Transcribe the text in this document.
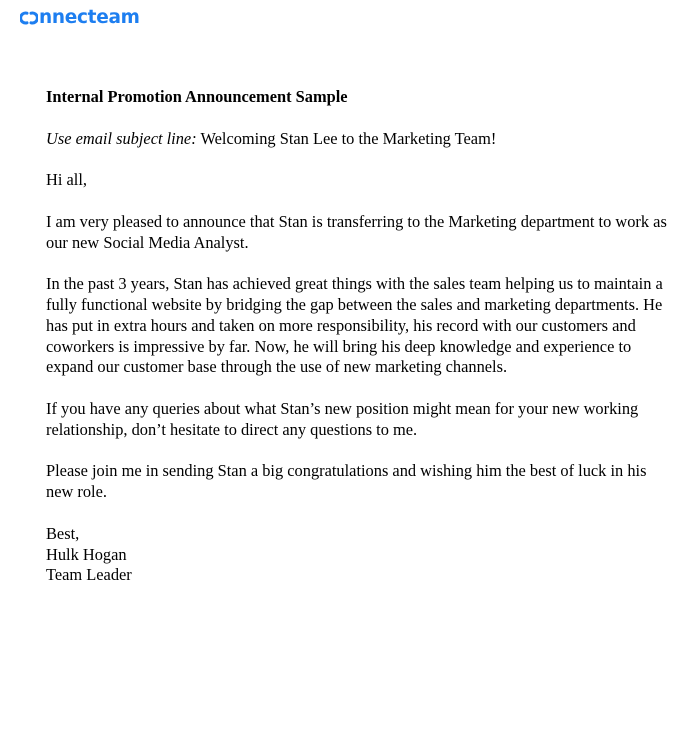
nnecteam

Internal Promotion Announcement Sample

Use email subject line: Welcoming Stan Lee to the Marketing Team!

Hi all,

I am very pleased to announce that Stan is transferring to the Marketing department to work as our new Social Media Analyst.

In the past 3 years, Stan has achieved great things with the sales team helping us to maintain a fully functional website by bridging the gap between the sales and marketing departments. He has put in extra hours and taken on more responsibility, his record with our customers and coworkers is impressive by far. Now, he will bring his deep knowledge and experience to expand our customer base through the use of new marketing channels.

If you have any queries about what Stan’s new position might mean for your new working relationship, don’t hesitate to direct any questions to me.

Please join me in sending Stan a big congratulations and wishing him the best of luck in his new role.

Best,
Hulk Hogan
Team Leader
